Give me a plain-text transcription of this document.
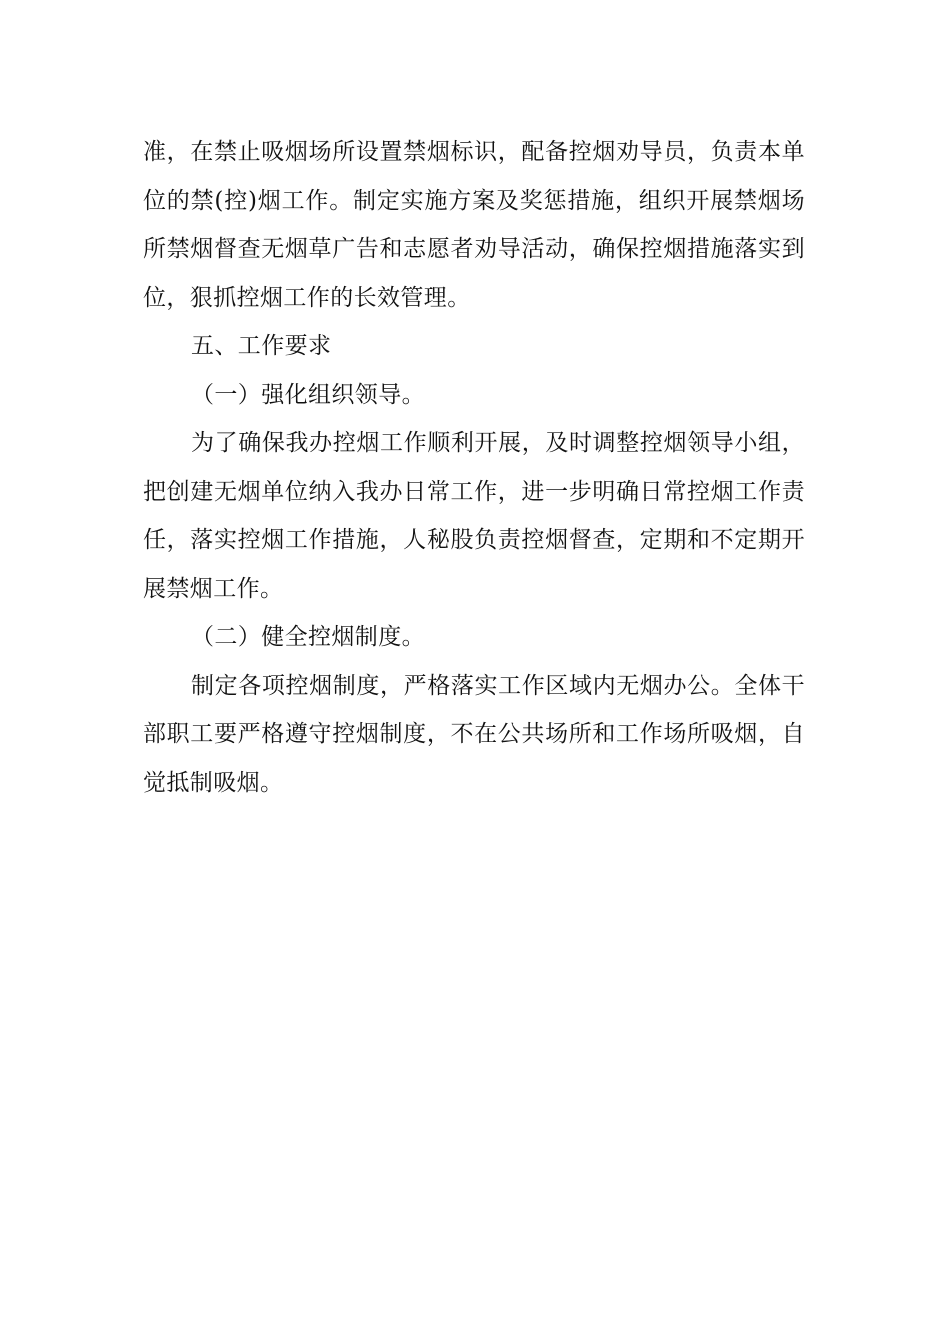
准，在禁止吸烟场所设置禁烟标识，配备控烟劝导员，负责本单位的禁(控)烟工作。制定实施方案及奖惩措施，组织开展禁烟场所禁烟督查无烟草广告和志愿者劝导活动，确保控烟措施落实到位，狠抓控烟工作的长效管理。

五、工作要求

（一）强化组织领导。

为了确保我办控烟工作顺利开展，及时调整控烟领导小组，把创建无烟单位纳入我办日常工作，进一步明确日常控烟工作责任，落实控烟工作措施，人秘股负责控烟督查，定期和不定期开展禁烟工作。

（二）健全控烟制度。

制定各项控烟制度，严格落实工作区域内无烟办公。全体干部职工要严格遵守控烟制度，不在公共场所和工作场所吸烟，自觉抵制吸烟。
